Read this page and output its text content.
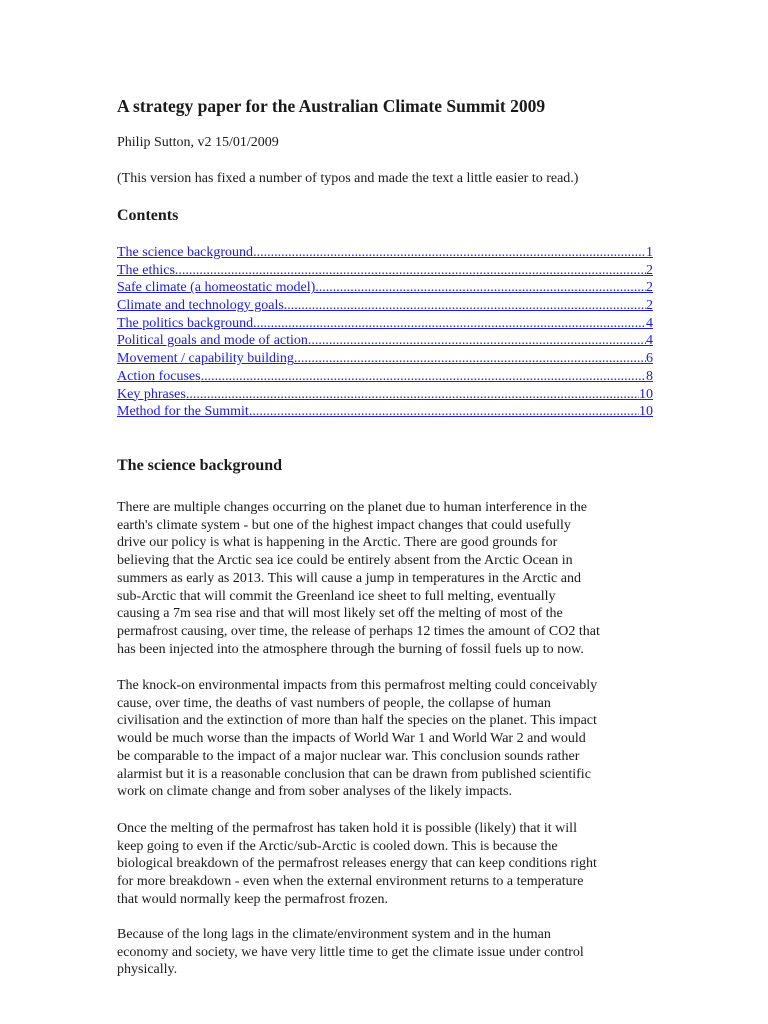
A strategy paper for the Australian Climate Summit 2009
Philip Sutton, v2 15/01/2009
(This version has fixed a number of typos and made the text a little easier to read.)
Contents
The science background .....	1
The ethics .....	2
Safe climate (a homeostatic model) .....	2
Climate and technology goals .....	2
The politics background .....	4
Political goals and mode of action .....	4
Movement / capability building .....	6
Action focuses .....	8
Key phrases .....	10
Method for the Summit .....	10
The science background

There are multiple changes occurring on the planet due to human interference in the
earth's climate system - but one of the highest impact changes that could usefully
drive our policy is what is happening in the Arctic. There are good grounds for
believing that the Arctic sea ice could be entirely absent from the Arctic Ocean in
summers as early as 2013. This will cause a jump in temperatures in the Arctic and
sub-Arctic that will commit the Greenland ice sheet to full melting, eventually
causing a 7m sea rise and that will most likely set off the melting of most of the
permafrost causing, over time, the release of perhaps 12 times the amount of CO2 that
has been injected into the atmosphere through the burning of fossil fuels up to now.

The knock-on environmental impacts from this permafrost melting could conceivably
cause, over time, the deaths of vast numbers of people, the collapse of human
civilisation and the extinction of more than half the species on the planet. This impact
would be much worse than the impacts of World War 1 and World War 2 and would
be comparable to the impact of a major nuclear war. This conclusion sounds rather
alarmist but it is a reasonable conclusion that can be drawn from published scientific
work on climate change and from sober analyses of the likely impacts.

Once the melting of the permafrost has taken hold it is possible (likely) that it will
keep going to even if the Arctic/sub-Arctic is cooled down. This is because the
biological breakdown of the permafrost releases energy that can keep conditions right
for more breakdown - even when the external environment returns to a temperature
that would normally keep the permafrost frozen.

Because of the long lags in the climate/environment system and in the human
economy and society, we have very little time to get the climate issue under control
physically.
